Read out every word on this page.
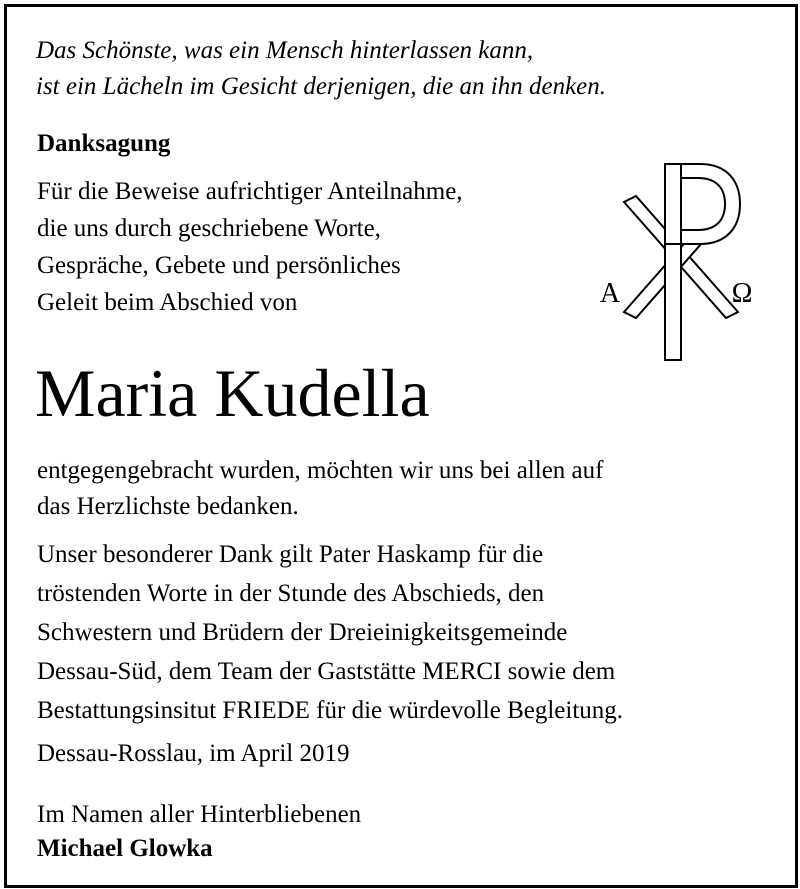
Das Schönste, was ein Mensch hinterlassen kann,
ist ein Lächeln im Gesicht derjenigen, die an ihn denken.
Danksagung
Für die Beweise aufrichtiger Anteilnahme,
die uns durch geschriebene Worte,
Gespräche, Gebete und persönliches
Geleit beim Abschied von	A	Ω
Maria Kudella
entgegengebracht wurden, möchten wir uns bei allen auf
das Herzlichste bedanken.
Unser besonderer Dank gilt Pater Haskamp für die
tröstenden Worte in der Stunde des Abschieds, den
Schwestern und Brüdern der Dreieinigkeitsgemeinde
Dessau-Süd, dem Team der Gaststätte MERCI sowie dem
Bestattungsinsitut FRIEDE für die würdevolle Begleitung.
Dessau-Rosslau, im April 2019
Im Namen aller Hinterbliebenen
Michael Glowka
